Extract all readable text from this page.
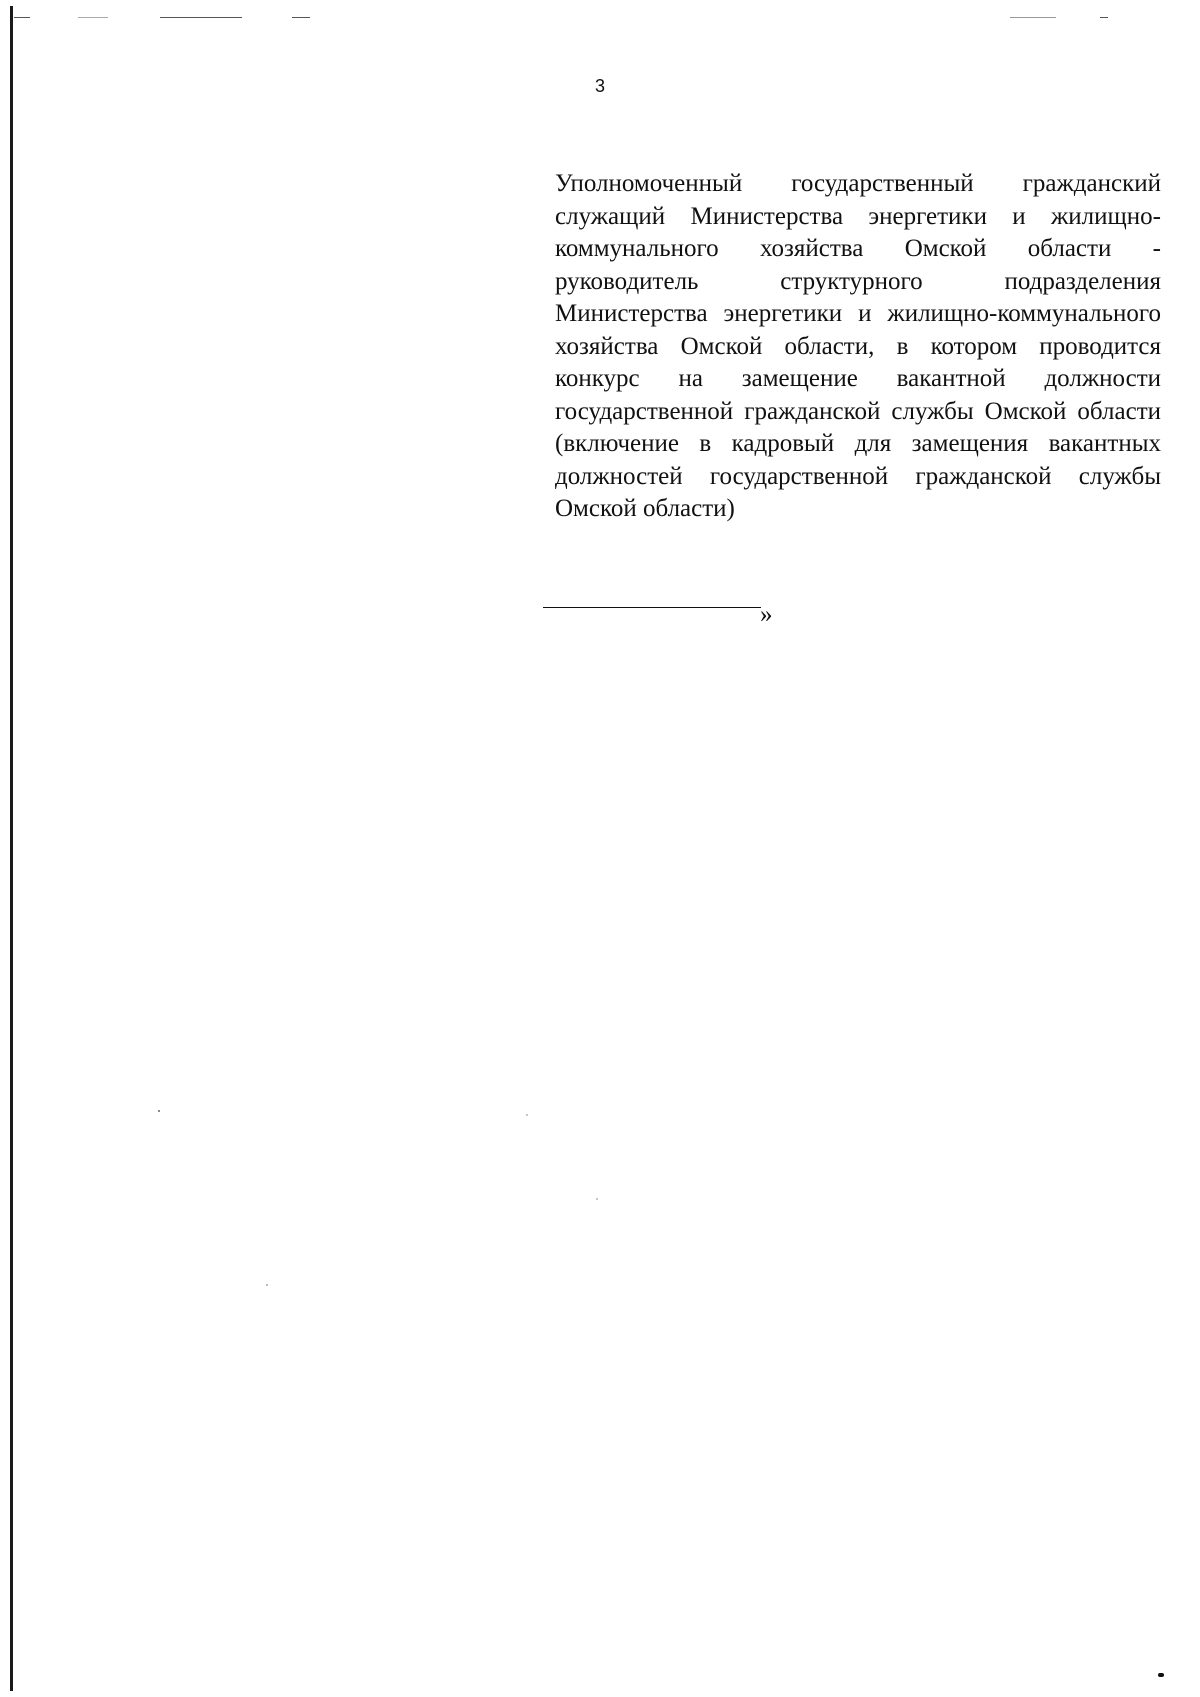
3
Уполномоченный государственный гражданский служащий Министерства энергетики и жилищно-коммунального хозяйства Омской области - руководитель структурного подразделения Министерства энергетики и жилищно-коммунального хозяйства Омской области, в котором проводится конкурс на замещение вакантной должности государственной гражданской службы Омской области (включение в кадровый для замещения вакантных должностей государственной гражданской службы Омской области)
»
